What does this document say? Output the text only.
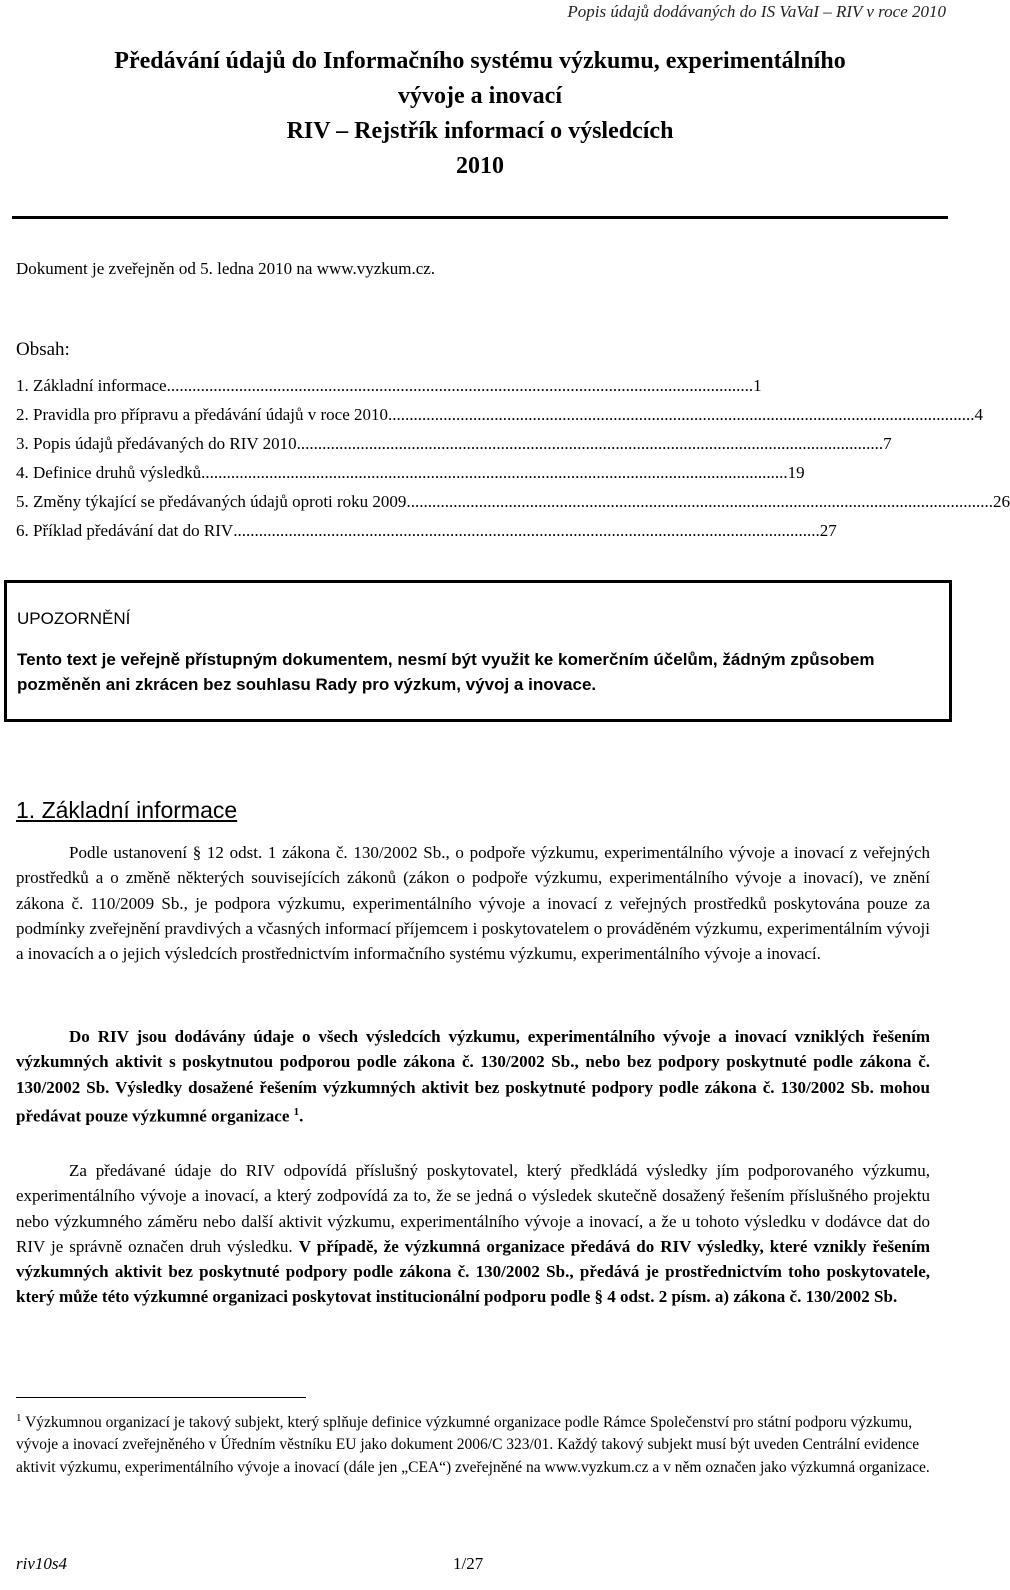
Popis údajů dodávaných do IS VaVaI – RIV v roce 2010
Předávání údajů do Informačního systému výzkumu, experimentálního
vývoje a inovací
RIV – Rejstřík informací o výsledcích
2010
Dokument je zveřejněn od 5. ledna 2010 na www.vyzkum.cz.
Obsah:
1. Základní informace .......................................................................................................................................... 1
2. Pravidla pro přípravu a předávání údajů v roce 2010 .......................................................................................................................................... 4
3. Popis údajů předávaných do RIV 2010 .......................................................................................................................................... 7
4. Definice druhů výsledků .......................................................................................................................................... 19
5. Změny týkající se předávaných údajů oproti roku 2009 .......................................................................................................................................... 26
6. Příklad předávání dat do RIV .......................................................................................................................................... 27
UPOZORNĚNÍ
Tento text je veřejně přístupným dokumentem, nesmí být využit ke komerčním účelům, žádným způsobem pozměněn ani zkrácen bez souhlasu Rady pro výzkum, vývoj a inovace.
1. Základní informace
Podle ustanovení § 12 odst. 1 zákona č. 130/2002 Sb., o podpoře výzkumu, experimentálního vývoje a inovací z veřejných prostředků a o změně některých souvisejících zákonů (zákon o podpoře výzkumu, experimentálního vývoje a inovací), ve znění zákona č. 110/2009 Sb., je podpora výzkumu, experimentálního vývoje a inovací z veřejných prostředků poskytována pouze za podmínky zveřejnění pravdivých a včasných informací příjemcem i poskytovatelem o prováděném výzkumu, experimentálním vývoji a inovacích a o jejich výsledcích prostřednictvím informačního systému výzkumu, experimentálního vývoje a inovací.
Do RIV jsou dodávány údaje o všech výsledcích výzkumu, experimentálního vývoje a inovací vzniklých řešením výzkumných aktivit s poskytnutou podporou podle zákona č. 130/2002 Sb., nebo bez podpory poskytnuté podle zákona č. 130/2002 Sb. Výsledky dosažené řešením výzkumných aktivit bez poskytnuté podpory podle zákona č. 130/2002 Sb. mohou předávat pouze výzkumné organizace $^1$.
Za předávané údaje do RIV odpovídá příslušný poskytovatel, který předkládá výsledky jím podporovaného výzkumu, experimentálního vývoje a inovací, a který zodpovídá za to, že se jedná o výsledek skutečně dosažený řešením příslušného projektu nebo výzkumného záměru nebo další aktivit výzkumu, experimentálního vývoje a inovací, a že u tohoto výsledku v dodávce dat do RIV je správně označen druh výsledku. V případě, že výzkumná organizace předává do RIV výsledky, které vznikly řešením výzkumných aktivit bez poskytnuté podpory podle zákona č. 130/2002 Sb., předává je prostřednictvím toho poskytovatele, který může této výzkumné organizaci poskytovat institucionální podporu podle § 4 odst. 2 písm. a) zákona č. 130/2002 Sb.
$^1$ Výzkumnou organizací je takový subjekt, který splňuje definice výzkumné organizace podle Rámce Společenství pro státní podporu výzkumu, vývoje a inovací zveřejněného v Úředním věstníku EU jako dokument 2006/C 323/01. Každý takový subjekt musí být uveden Centrální evidence aktivit výzkumu, experimentálního vývoje a inovací (dále jen „CEA“) zveřejněné na www.vyzkum.cz a v něm označen jako výzkumná organizace.
riv10s4	1/27
